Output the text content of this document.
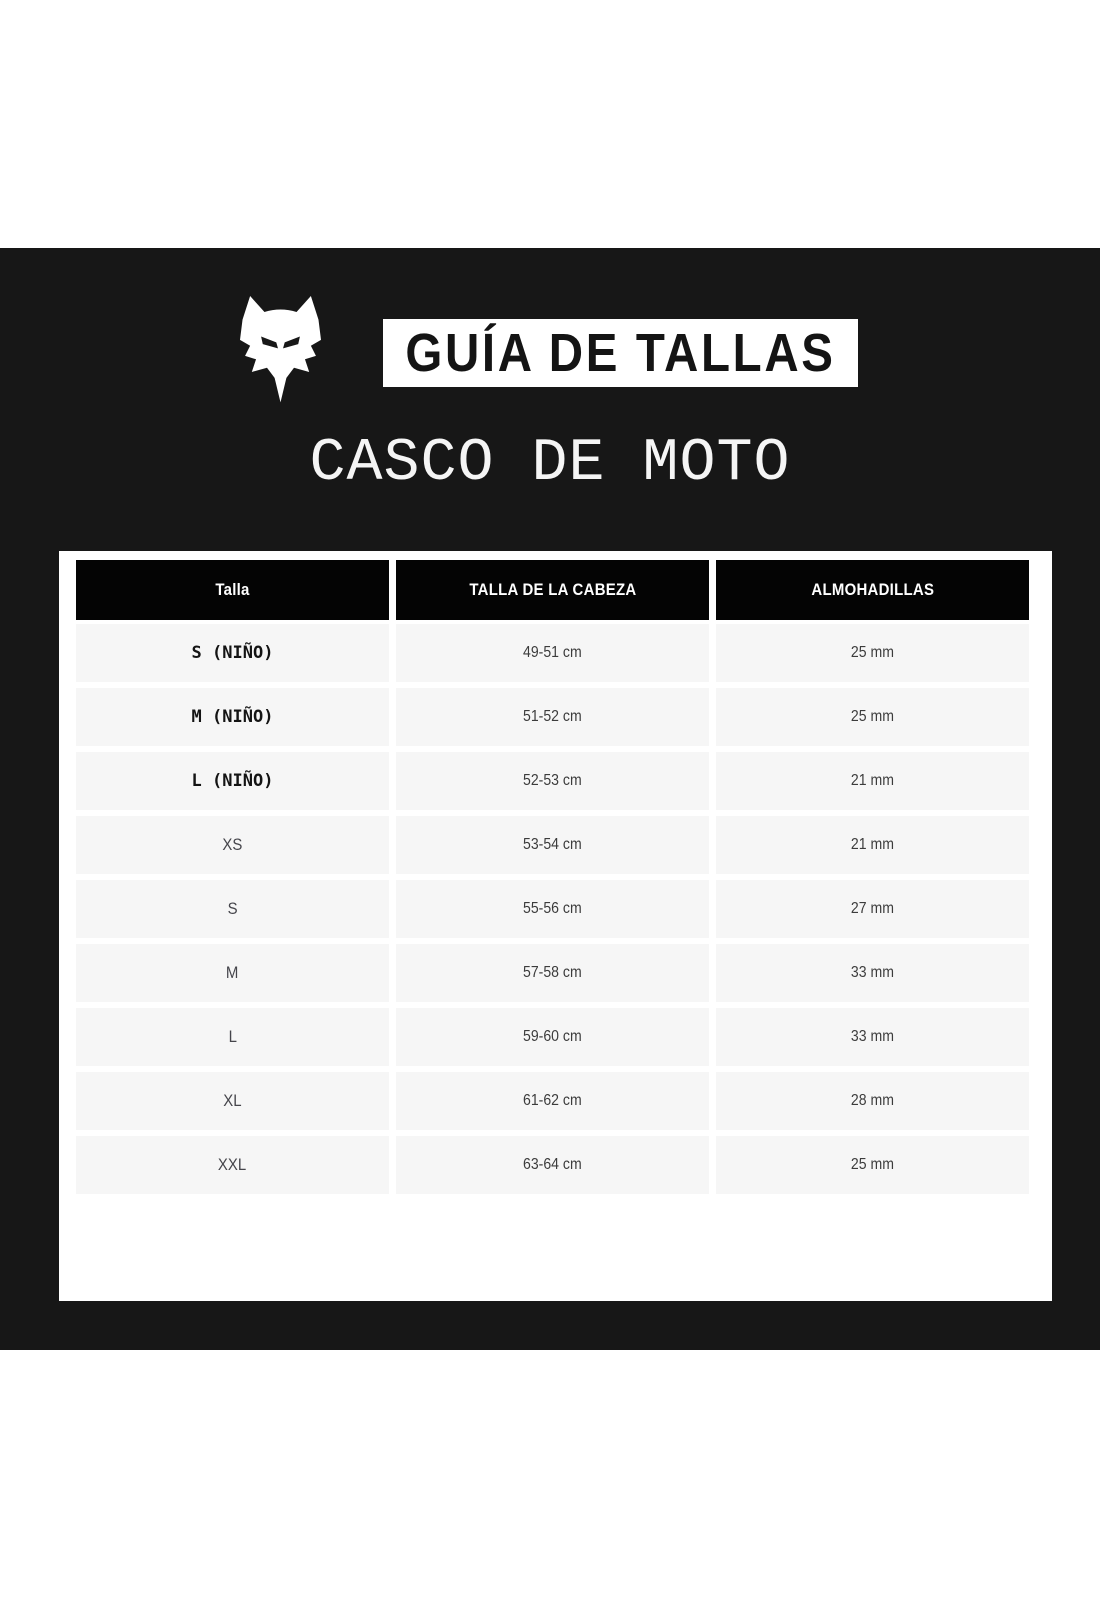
GUÍA DE TALLAS
CASCO DE MOTO
Talla	TALLA DE LA CABEZA	ALMOHADILLAS
S (NIÑO)	49-51 cm	25 mm
M (NIÑO)	51-52 cm	25 mm
L (NIÑO)	52-53 cm	21 mm
XS	53-54 cm	21 mm
S	55-56 cm	27 mm
M	57-58 cm	33 mm
L	59-60 cm	33 mm
XL	61-62 cm	28 mm
XXL	63-64 cm	25 mm
